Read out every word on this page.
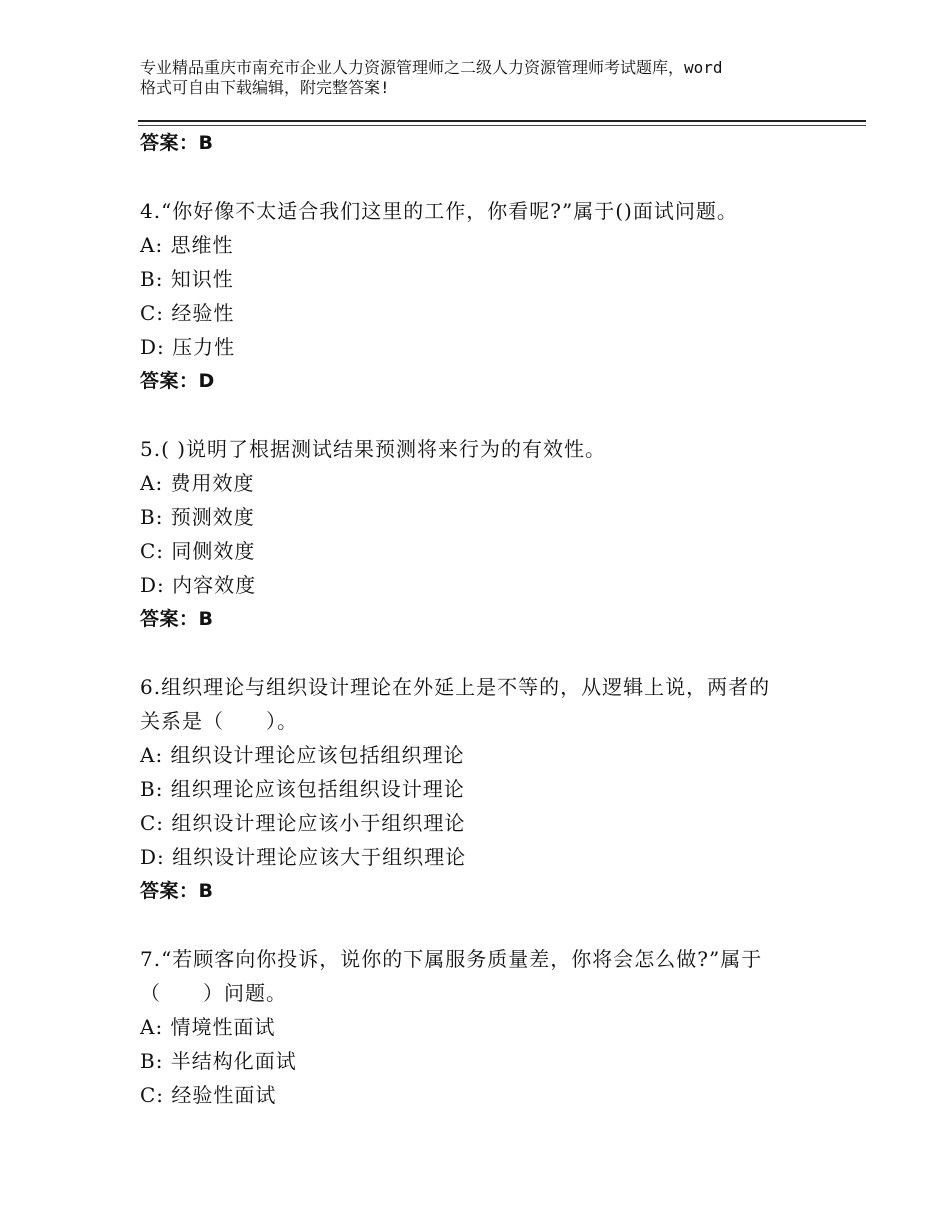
专业精品重庆市南充市企业人力资源管理师之二级人力资源管理师考试题库，word
格式可自由下载编辑，附完整答案!
答案：B
4.“你好像不太适合我们这里的工作，你看呢?”属于()面试问题。
A: 思维性
B: 知识性
C: 经验性
D: 压力性
答案：D
5.( )说明了根据测试结果预测将来行为的有效性。
A: 费用效度
B: 预测效度
C: 同侧效度
D: 内容效度
答案：B
6.组织理论与组织设计理论在外延上是不等的，从逻辑上说，两者的
关系是（　　）。
A: 组织设计理论应该包括组织理论
B: 组织理论应该包括组织设计理论
C: 组织设计理论应该小于组织理论
D: 组织设计理论应该大于组织理论
答案：B
7.“若顾客向你投诉，说你的下属服务质量差，你将会怎么做?”属于
（　　）问题。
A: 情境性面试
B: 半结构化面试
C: 经验性面试
